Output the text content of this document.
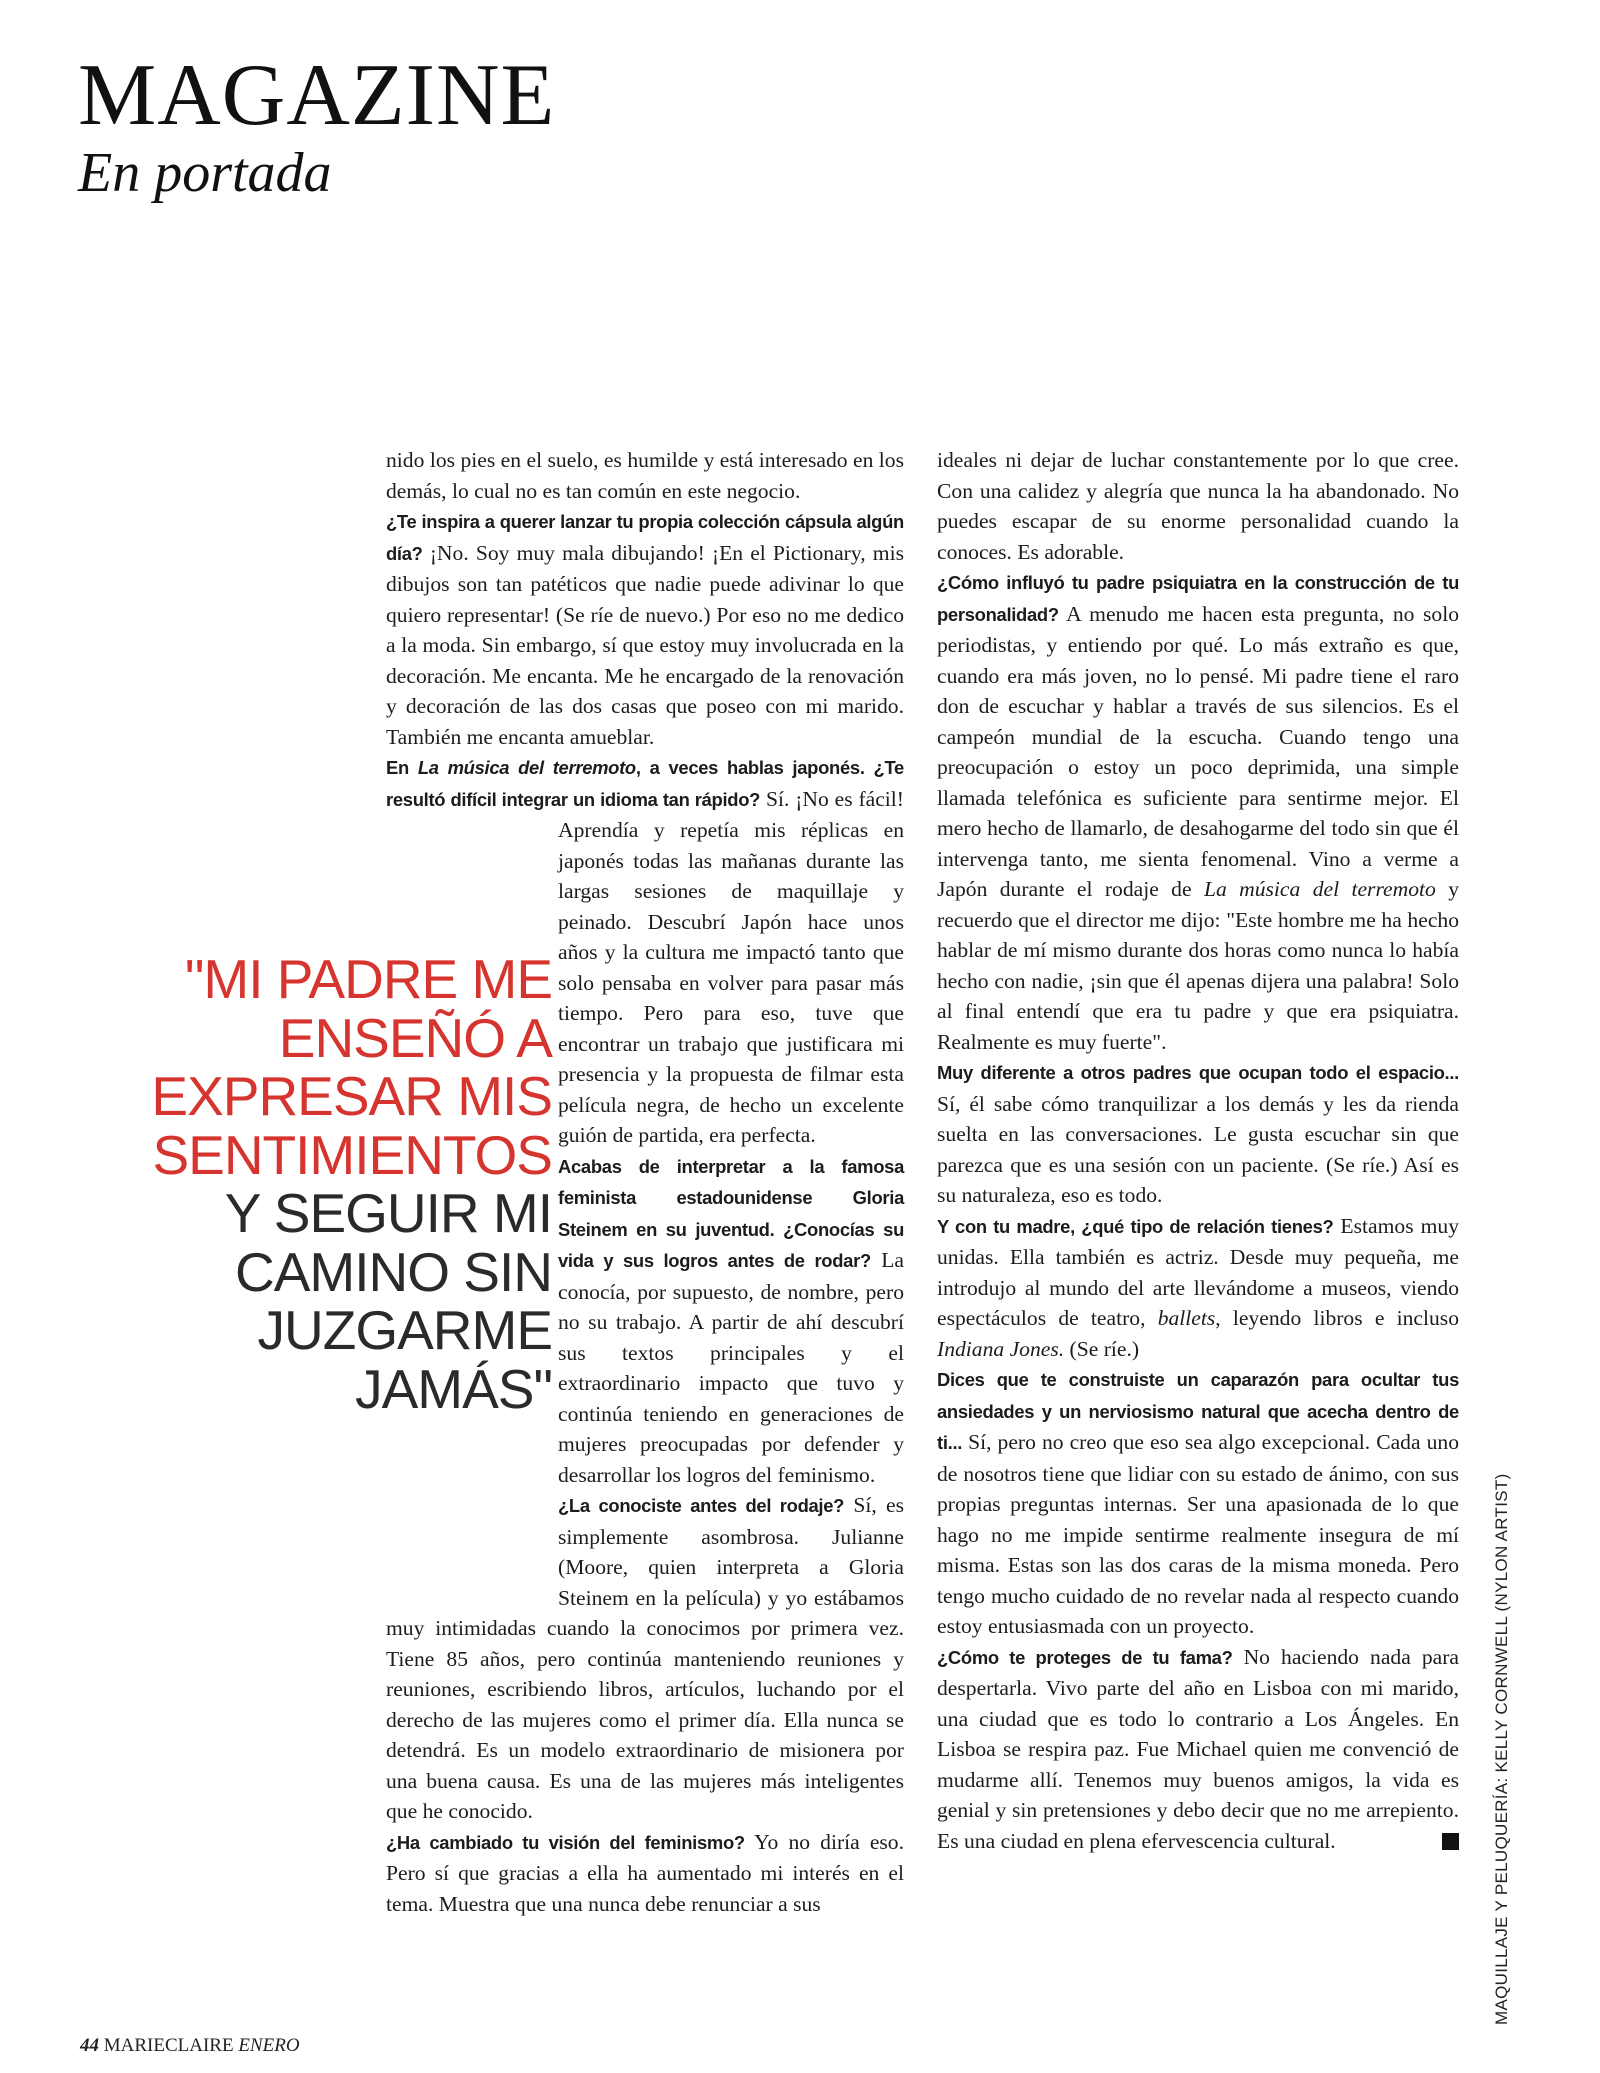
MAGAZINE
En portada
"MI PADRE ME ENSEÑÓ A EXPRESAR MIS SENTIMIENTOS Y SEGUIR MI CAMINO SIN JUZGARME JAMÁS"
nido los pies en el suelo, es humilde y está interesado en los demás, lo cual no es tan común en este negocio.
¿Te inspira a querer lanzar tu propia colección cápsula algún día? ¡No. Soy muy mala dibujando! ¡En el Pictionary, mis dibujos son tan patéticos que nadie puede adivinar lo que quiero representar! (Se ríe de nuevo.) Por eso no me dedico a la moda. Sin embargo, sí que estoy muy involucrada en la decoración. Me encanta. Me he encargado de la renovación y decoración de las dos casas que poseo con mi marido. También me encanta amueblar.
En La música del terremoto, a veces hablas japonés. ¿Te resultó difícil integrar un idioma tan rápido?
Sí. ¡No es fácil! Aprendía y repetía mis réplicas en japonés todas las mañanas durante las largas sesiones de maquillaje y peinado. Descubrí Japón hace unos años y la cultura me impactó tanto que solo pensaba en volver para pasar más tiempo. Pero para eso, tuve que encontrar un trabajo que justificara mi presencia y la propuesta de filmar esta película negra, de hecho un excelente guión de partida, era perfecta.
Acabas de interpretar a la famosa feminista estadounidense Gloria Steinem en su juventud. ¿Conocías su vida y sus logros antes de rodar? La conocía, por supuesto, de nombre, pero no su trabajo. A partir de ahí descubrí sus textos principales y el extraordinario impacto que tuvo y continúa teniendo en generaciones de mujeres preocupadas por defender y desarrollar los logros del feminismo.
¿La conociste antes del rodaje? Sí, es simplemente asombrosa. Julianne (Moore, quien interpreta a Gloria Steinem en la película) y yo estábamos muy intimidadas cuando la conocimos por primera vez. Tiene 85 años, pero continúa manteniendo reuniones y reuniones, escribiendo libros, artículos, luchando por el derecho de las mujeres como el primer día. Ella nunca se detendrá. Es un modelo extraordinario de misionera por una buena causa. Es una de las mujeres más inteligentes que he conocido.
¿Ha cambiado tu visión del feminismo? Yo no diría eso. Pero sí que gracias a ella ha aumentado mi interés en el tema. Muestra que una nunca debe renunciar a sus
ideales ni dejar de luchar constantemente por lo que cree. Con una calidez y alegría que nunca la ha abandonado. No puedes escapar de su enorme personalidad cuando la conoces. Es adorable.
¿Cómo influyó tu padre psiquiatra en la construcción de tu personalidad? A menudo me hacen esta pregunta, no solo periodistas, y entiendo por qué. Lo más extraño es que, cuando era más joven, no lo pensé. Mi padre tiene el raro don de escuchar y hablar a través de sus silencios. Es el campeón mundial de la escucha. Cuando tengo una preocupación o estoy un poco deprimida, una simple llamada telefónica es suficiente para sentirme mejor. El mero hecho de llamarlo, de desahogarme del todo sin que él intervenga tanto, me sienta fenomenal. Vino a verme a Japón durante el rodaje de La música del terremoto y recuerdo que el director me dijo: "Este hombre me ha hecho hablar de mí mismo durante dos horas como nunca lo había hecho con nadie, ¡sin que él apenas dijera una palabra! Solo al final entendí que era tu padre y que era psiquiatra. Realmente es muy fuerte".
Muy diferente a otros padres que ocupan todo el espacio... Sí, él sabe cómo tranquilizar a los demás y les da rienda suelta en las conversaciones. Le gusta escuchar sin que parezca que es una sesión con un paciente. (Se ríe.) Así es su naturaleza, eso es todo.
Y con tu madre, ¿qué tipo de relación tienes? Estamos muy unidas. Ella también es actriz. Desde muy pequeña, me introdujo al mundo del arte llevándome a museos, viendo espectáculos de teatro, ballets, leyendo libros e incluso Indiana Jones. (Se ríe.)
Dices que te construiste un caparazón para ocultar tus ansiedades y un nerviosismo natural que acecha dentro de ti... Sí, pero no creo que eso sea algo excepcional. Cada uno de nosotros tiene que lidiar con su estado de ánimo, con sus propias preguntas internas. Ser una apasionada de lo que hago no me impide sentirme realmente insegura de mí misma. Estas son las dos caras de la misma moneda. Pero tengo mucho cuidado de no revelar nada al respecto cuando estoy entusiasmada con un proyecto.
¿Cómo te proteges de tu fama? No haciendo nada para despertarla. Vivo parte del año en Lisboa con mi marido, una ciudad que es todo lo contrario a Los Ángeles. En Lisboa se respira paz. Fue Michael quien me convenció de mudarme allí. Tenemos muy buenos amigos, la vida es genial y sin pretensiones y debo decir que no me arrepiento. Es una ciudad en plena efervescencia cultural.	MAQUILLAJE Y PELUQUERÍA: KELLY CORNWELL (NYLON ARTIST)
44 MARIECLAIRE ENERO
